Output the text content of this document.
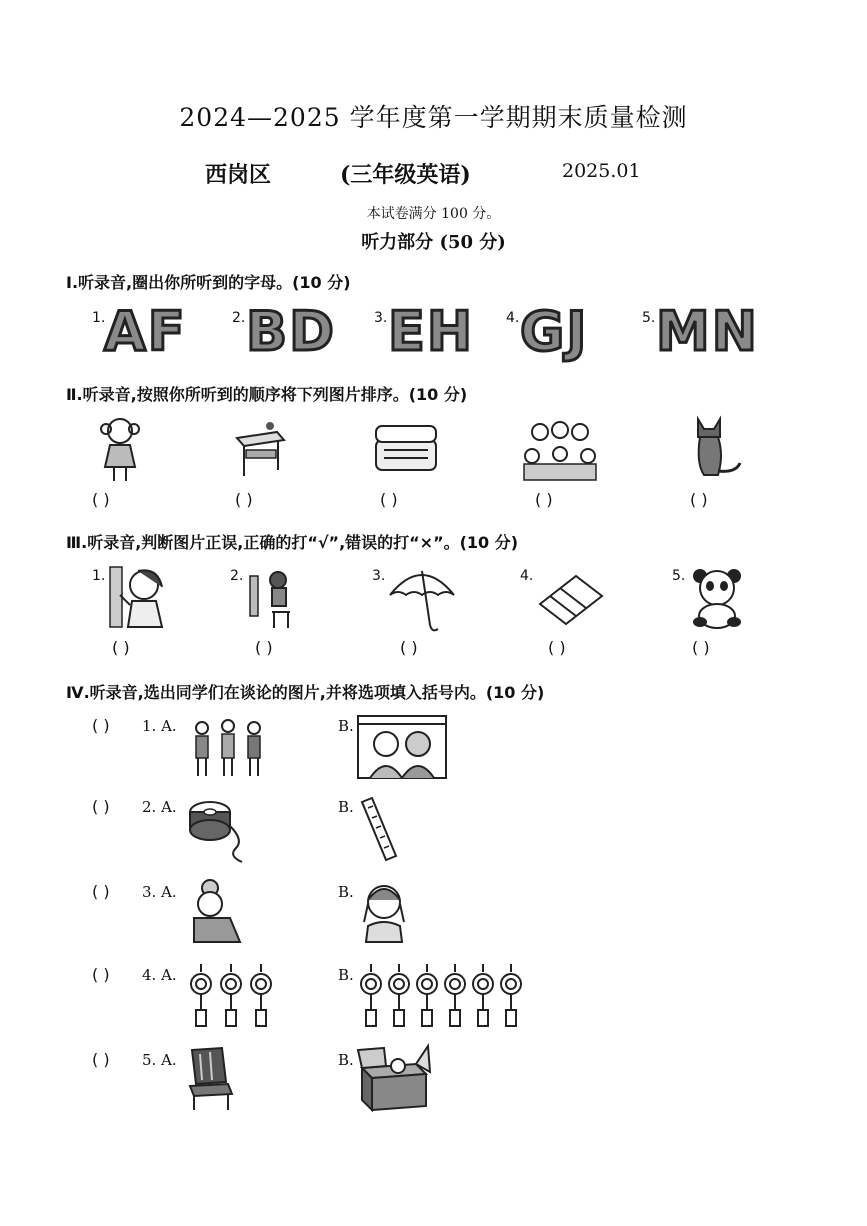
2024—2025 学年度第一学期期末质量检测
西岗区	(三年级英语)	2025.01
本试卷满分 100 分。
听力部分 (50 分)
Ⅰ.听录音,圈出你所听到的字母。(10 分)
1.
AF	2. BD	3. EH 4. GJ	5. MN
Ⅱ.听录音,按照你所听到的顺序将下列图片排序。(10 分)
( )	( )	( )	( )	( )
Ⅲ.听录音,判断图片正误,正确的打“√”,错误的打“×”。(10 分)
1.	2.	3.	4.	5.
( )	( )	( )	( )	( )
Ⅳ.听录音,选出同学们在谈论的图片,并将选项填入括号内。(10 分)
( ) 1. A.	B.
( ) 2. A.	B.
( ) 3. A.	B.
( ) 4. A.	B.
( ) 5. A.	B.
